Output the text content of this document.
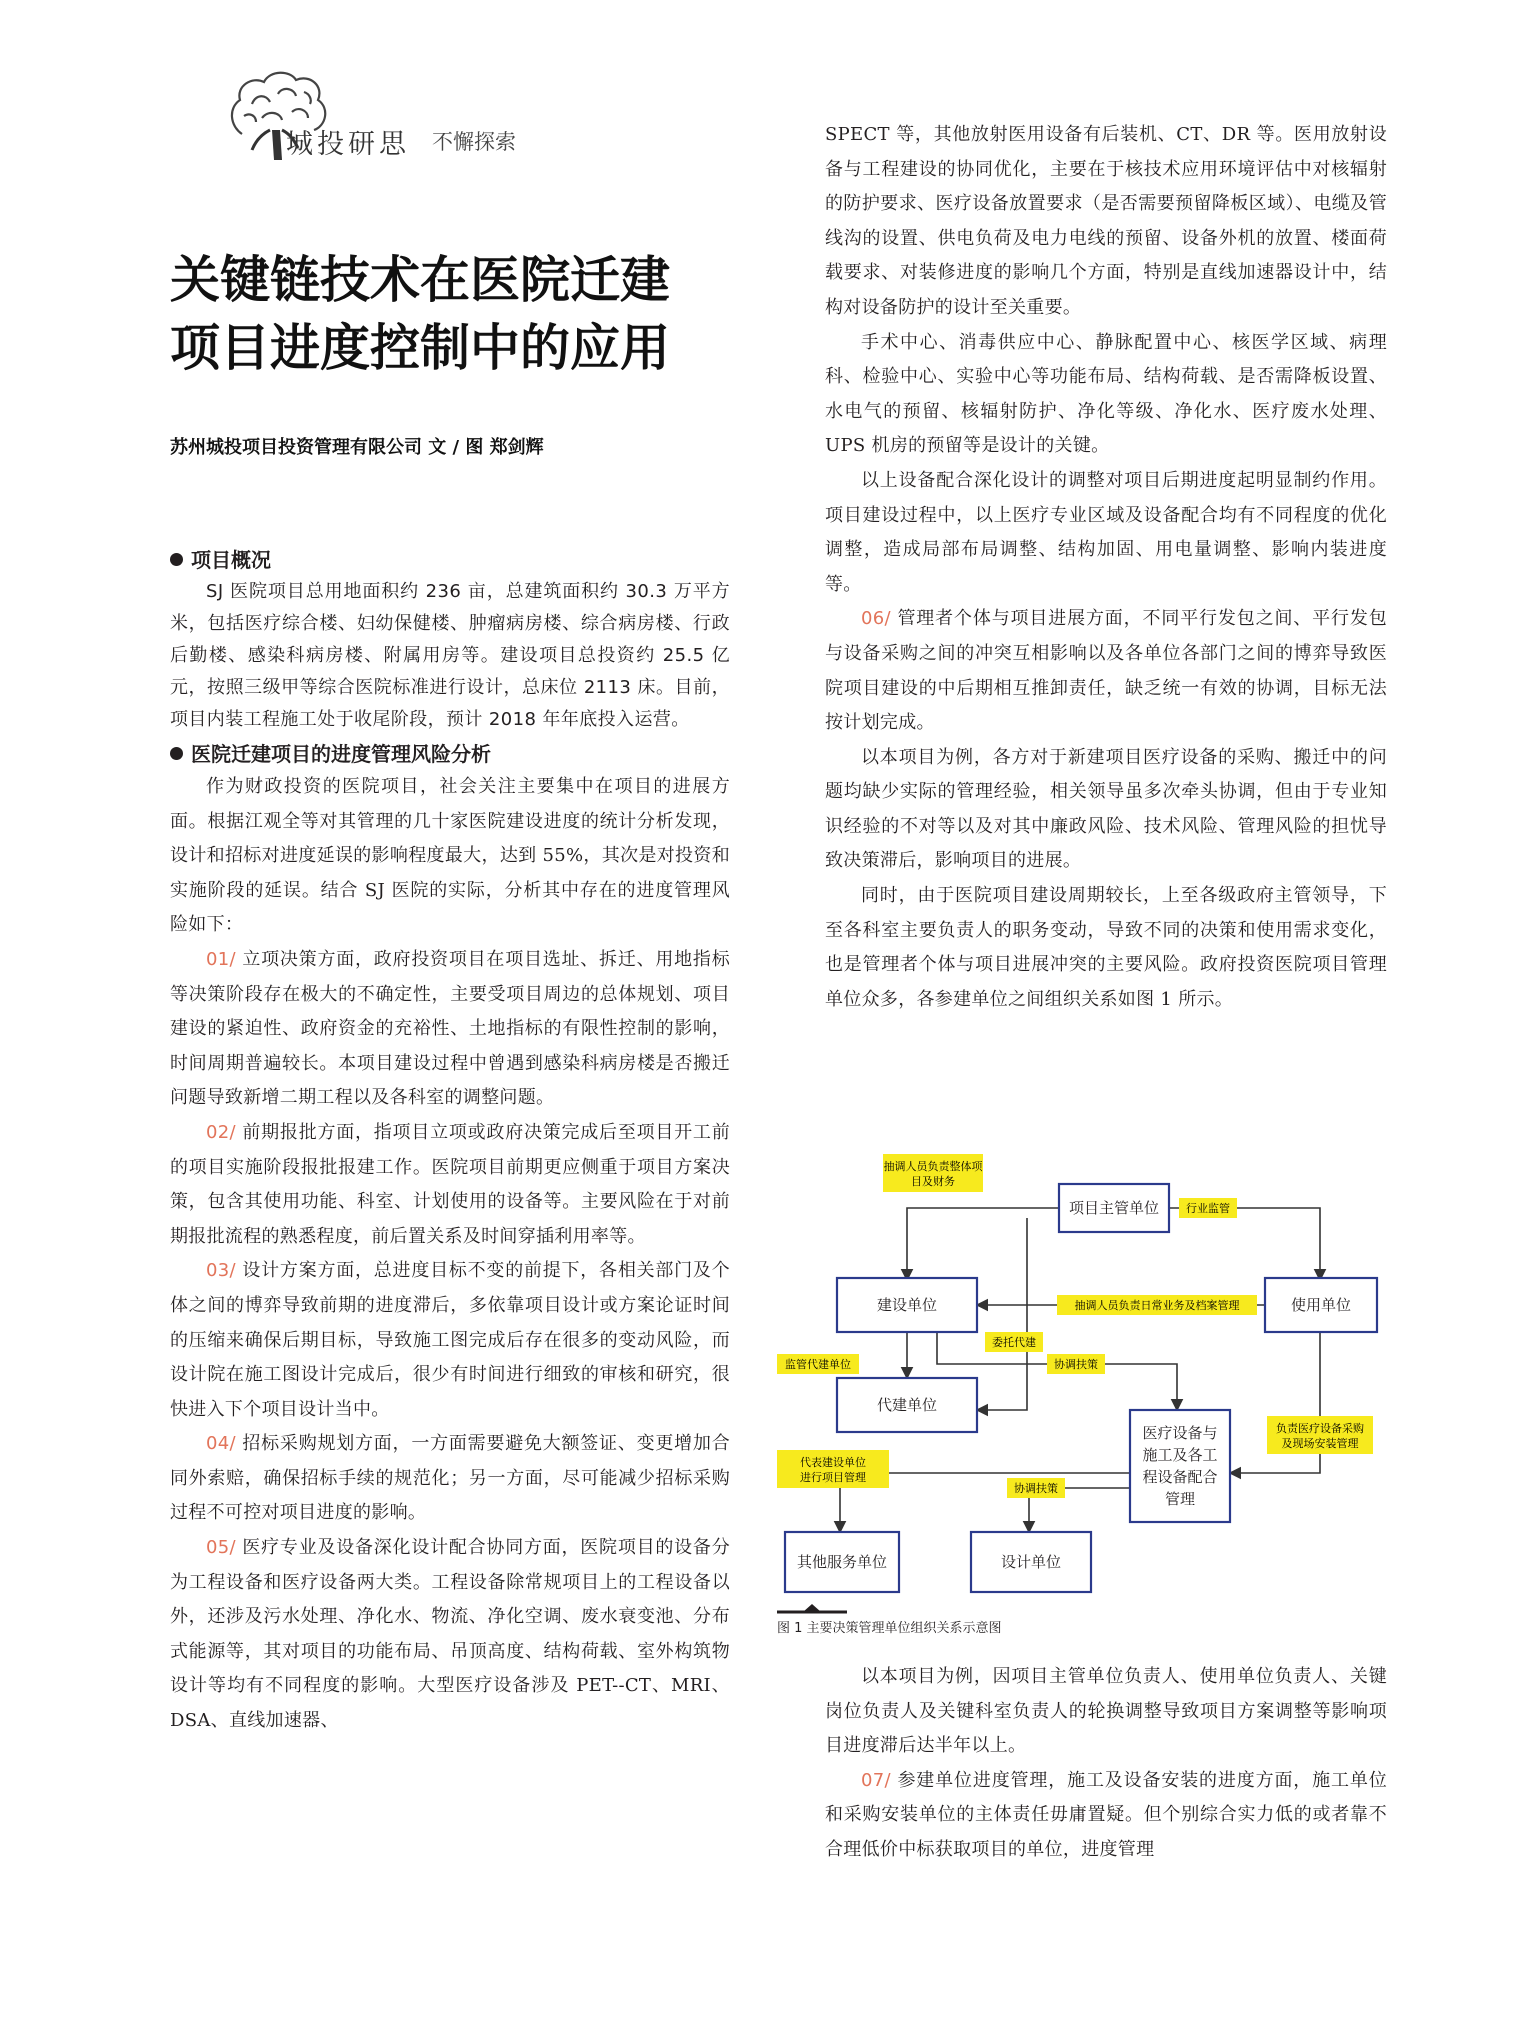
城投研思 不懈探索
关键链技术在医院迁建
项目进度控制中的应用
苏州城投项目投资管理有限公司 文 / 图 郑剑辉

项目概况

SJ 医院项目总用地面积约 236 亩，总建筑面积约 30.3 万平方米，包括医疗综合楼、妇幼保健楼、肿瘤病房楼、综合病房楼、行政后勤楼、感染科病房楼、附属用房等。建设项目总投资约 25.5 亿元，按照三级甲等综合医院标准进行设计，总床位 2113 床。目前，项目内装工程施工处于收尾阶段，预计 2018 年年底投入运营。

医院迁建项目的进度管理风险分析

作为财政投资的医院项目，社会关注主要集中在项目的进展方面。根据江观全等对其管理的几十家医院建设进度的统计分析发现，设计和招标对进度延误的影响程度最大，达到 55%，其次是对投资和实施阶段的延误。结合 SJ 医院的实际，分析其中存在的进度管理风险如下：

01/ 立项决策方面，政府投资项目在项目选址、拆迁、用地指标等决策阶段存在极大的不确定性，主要受项目周边的总体规划、项目建设的紧迫性、政府资金的充裕性、土地指标的有限性控制的影响，时间周期普遍较长。本项目建设过程中曾遇到感染科病房楼是否搬迁问题导致新增二期工程以及各科室的调整问题。

02/ 前期报批方面，指项目立项或政府决策完成后至项目开工前的项目实施阶段报批报建工作。医院项目前期更应侧重于项目方案决策，包含其使用功能、科室、计划使用的设备等。主要风险在于对前期报批流程的熟悉程度，前后置关系及时间穿插利用率等。

03/ 设计方案方面，总进度目标不变的前提下，各相关部门及个体之间的博弈导致前期的进度滞后，多依靠项目设计或方案论证时间的压缩来确保后期目标，导致施工图完成后存在很多的变动风险，而设计院在施工图设计完成后，很少有时间进行细致的审核和研究，很快进入下个项目设计当中。

04/ 招标采购规划方面，一方面需要避免大额签证、变更增加合同外索赔，确保招标手续的规范化；另一方面，尽可能减少招标采购过程不可控对项目进度的影响。

05/ 医疗专业及设备深化设计配合协同方面，医院项目的设备分为工程设备和医疗设备两大类。工程设备除常规项目上的工程设备以外，还涉及污水处理、净化水、物流、净化空调、废水衰变池、分布式能源等，其对项目的功能布局、吊顶高度、结构荷载、室外构筑物设计等均有不同程度的影响。大型医疗设备涉及 PET--CT、MRI、DSA、直线加速器、

SPECT 等，其他放射医用设备有后装机、CT、DR 等。医用放射设备与工程建设的协同优化，主要在于核技术应用环境评估中对核辐射的防护要求、医疗设备放置要求（是否需要预留降板区域）、电缆及管线沟的设置、供电负荷及电力电线的预留、设备外机的放置、楼面荷载要求、对装修进度的影响几个方面，特别是直线加速器设计中，结构对设备防护的设计至关重要。

手术中心、消毒供应中心、静脉配置中心、核医学区域、病理科、检验中心、实验中心等功能布局、结构荷载、是否需降板设置、水电气的预留、核辐射防护、净化等级、净化水、医疗废水处理、UPS 机房的预留等是设计的关键。

以上设备配合深化设计的调整对项目后期进度起明显制约作用。项目建设过程中，以上医疗专业区域及设备配合均有不同程度的优化调整，造成局部布局调整、结构加固、用电量调整、影响内装进度等。

06/ 管理者个体与项目进展方面，不同平行发包之间、平行发包与设备采购之间的冲突互相影响以及各单位各部门之间的博弈导致医院项目建设的中后期相互推卸责任，缺乏统一有效的协调，目标无法按计划完成。

以本项目为例，各方对于新建项目医疗设备的采购、搬迁中的问题均缺少实际的管理经验，相关领导虽多次牵头协调，但由于专业知识经验的不对等以及对其中廉政风险、技术风险、管理风险的担忧导致决策滞后，影响项目的进展。

同时，由于医院项目建设周期较长，上至各级政府主管领导，下至各科室主要负责人的职务变动，导致不同的决策和使用需求变化，也是管理者个体与项目进展冲突的主要风险。政府投资医院项目管理单位众多，各参建单位之间组织关系如图 1 所示。

抽调人员负责整体项
目及财务
行业监管
抽调人员负责日常业务及档案管理
委托代建
监管代建单位	协调扶策
负责医疗设备采购
及现场安装管理
代表建设单位
进行项目管理
协调扶策
项目主管单位
建设单位	使用单位
代建单位
医疗设备与
施工及各工
程设备配合
管理
其他服务单位	设计单位
图 1 主要决策管理单位组织关系示意图

以本项目为例，因项目主管单位负责人、使用单位负责人、关键岗位负责人及关键科室负责人的轮换调整导致项目方案调整等影响项目进度滞后达半年以上。

07/ 参建单位进度管理，施工及设备安装的进度方面，施工单位和采购安装单位的主体责任毋庸置疑。但个别综合实力低的或者靠不合理低价中标获取项目的单位，进度管理
